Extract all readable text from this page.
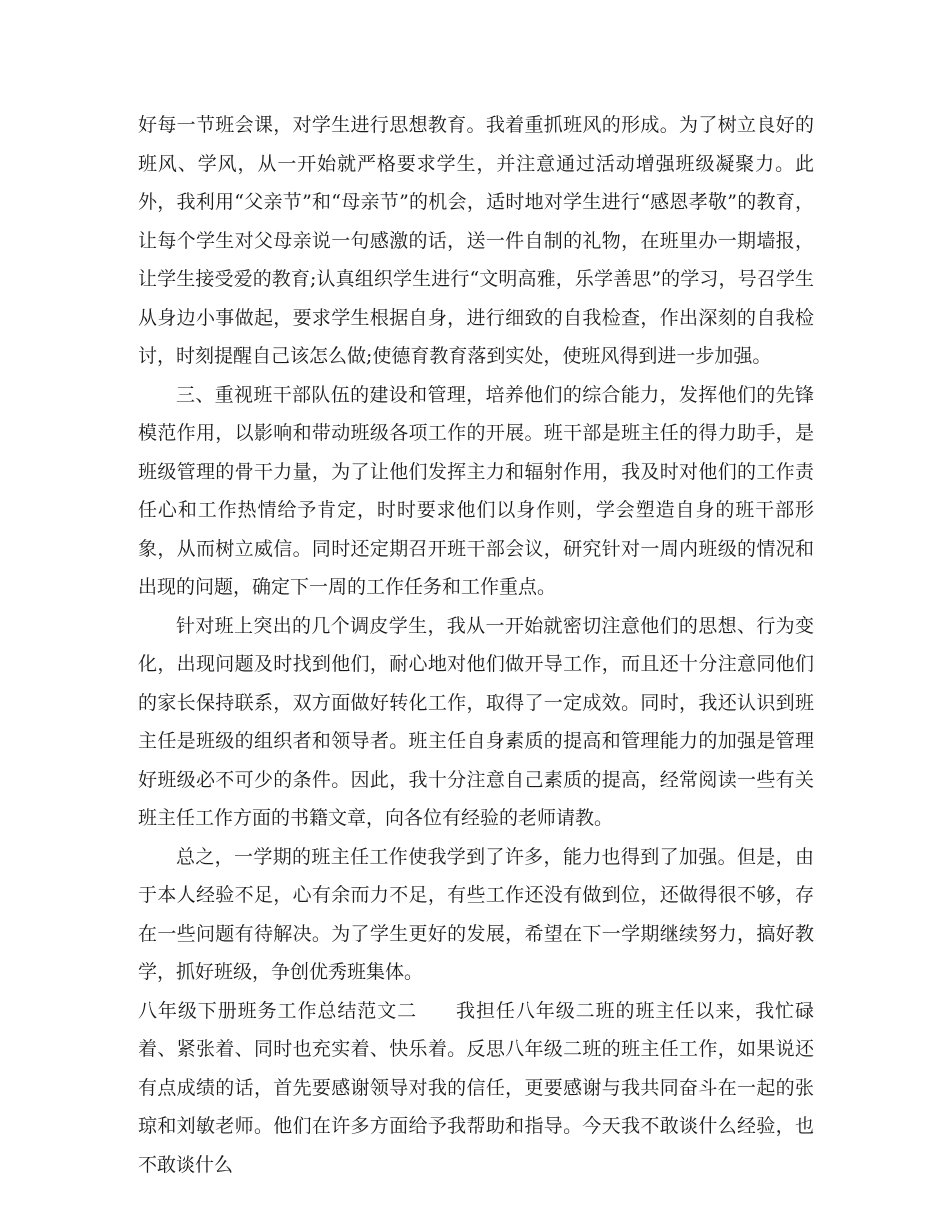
好每一节班会课，对学生进行思想教育。我着重抓班风的形成。为了树立良好的班风、学风，从一开始就严格要求学生，并注意通过活动增强班级凝聚力。此外，我利用“父亲节”和“母亲节”的机会，适时地对学生进行“感恩孝敬”的教育，让每个学生对父母亲说一句感激的话，送一件自制的礼物，在班里办一期墙报，让学生接受爱的教育;认真组织学生进行“文明高雅，乐学善思”的学习，号召学生从身边小事做起，要求学生根据自身，进行细致的自我检查，作出深刻的自我检讨，时刻提醒自己该怎么做;使德育教育落到实处，使班风得到进一步加强。

三、重视班干部队伍的建设和管理，培养他们的综合能力，发挥他们的先锋模范作用，以影响和带动班级各项工作的开展。班干部是班主任的得力助手，是班级管理的骨干力量，为了让他们发挥主力和辐射作用，我及时对他们的工作责任心和工作热情给予肯定，时时要求他们以身作则，学会塑造自身的班干部形象，从而树立威信。同时还定期召开班干部会议，研究针对一周内班级的情况和出现的问题，确定下一周的工作任务和工作重点。

针对班上突出的几个调皮学生，我从一开始就密切注意他们的思想、行为变化，出现问题及时找到他们，耐心地对他们做开导工作，而且还十分注意同他们的家长保持联系，双方面做好转化工作，取得了一定成效。同时，我还认识到班主任是班级的组织者和领导者。班主任自身素质的提高和管理能力的加强是管理好班级必不可少的条件。因此，我十分注意自己素质的提高，经常阅读一些有关班主任工作方面的书籍文章，向各位有经验的老师请教。

总之，一学期的班主任工作使我学到了许多，能力也得到了加强。但是，由于本人经验不足，心有余而力不足，有些工作还没有做到位，还做得很不够，存在一些问题有待解决。为了学生更好的发展，希望在下一学期继续努力，搞好教学，抓好班级，争创优秀班集体。

八年级下册班务工作总结范文二 我担任八年级二班的班主任以来，我忙碌着、紧张着、同时也充实着、快乐着。反思八年级二班的班主任工作，如果说还有点成绩的话，首先要感谢领导对我的信任，更要感谢与我共同奋斗在一起的张琼和刘敏老师。他们在许多方面给予我帮助和指导。今天我不敢谈什么经验，也不敢谈什么
